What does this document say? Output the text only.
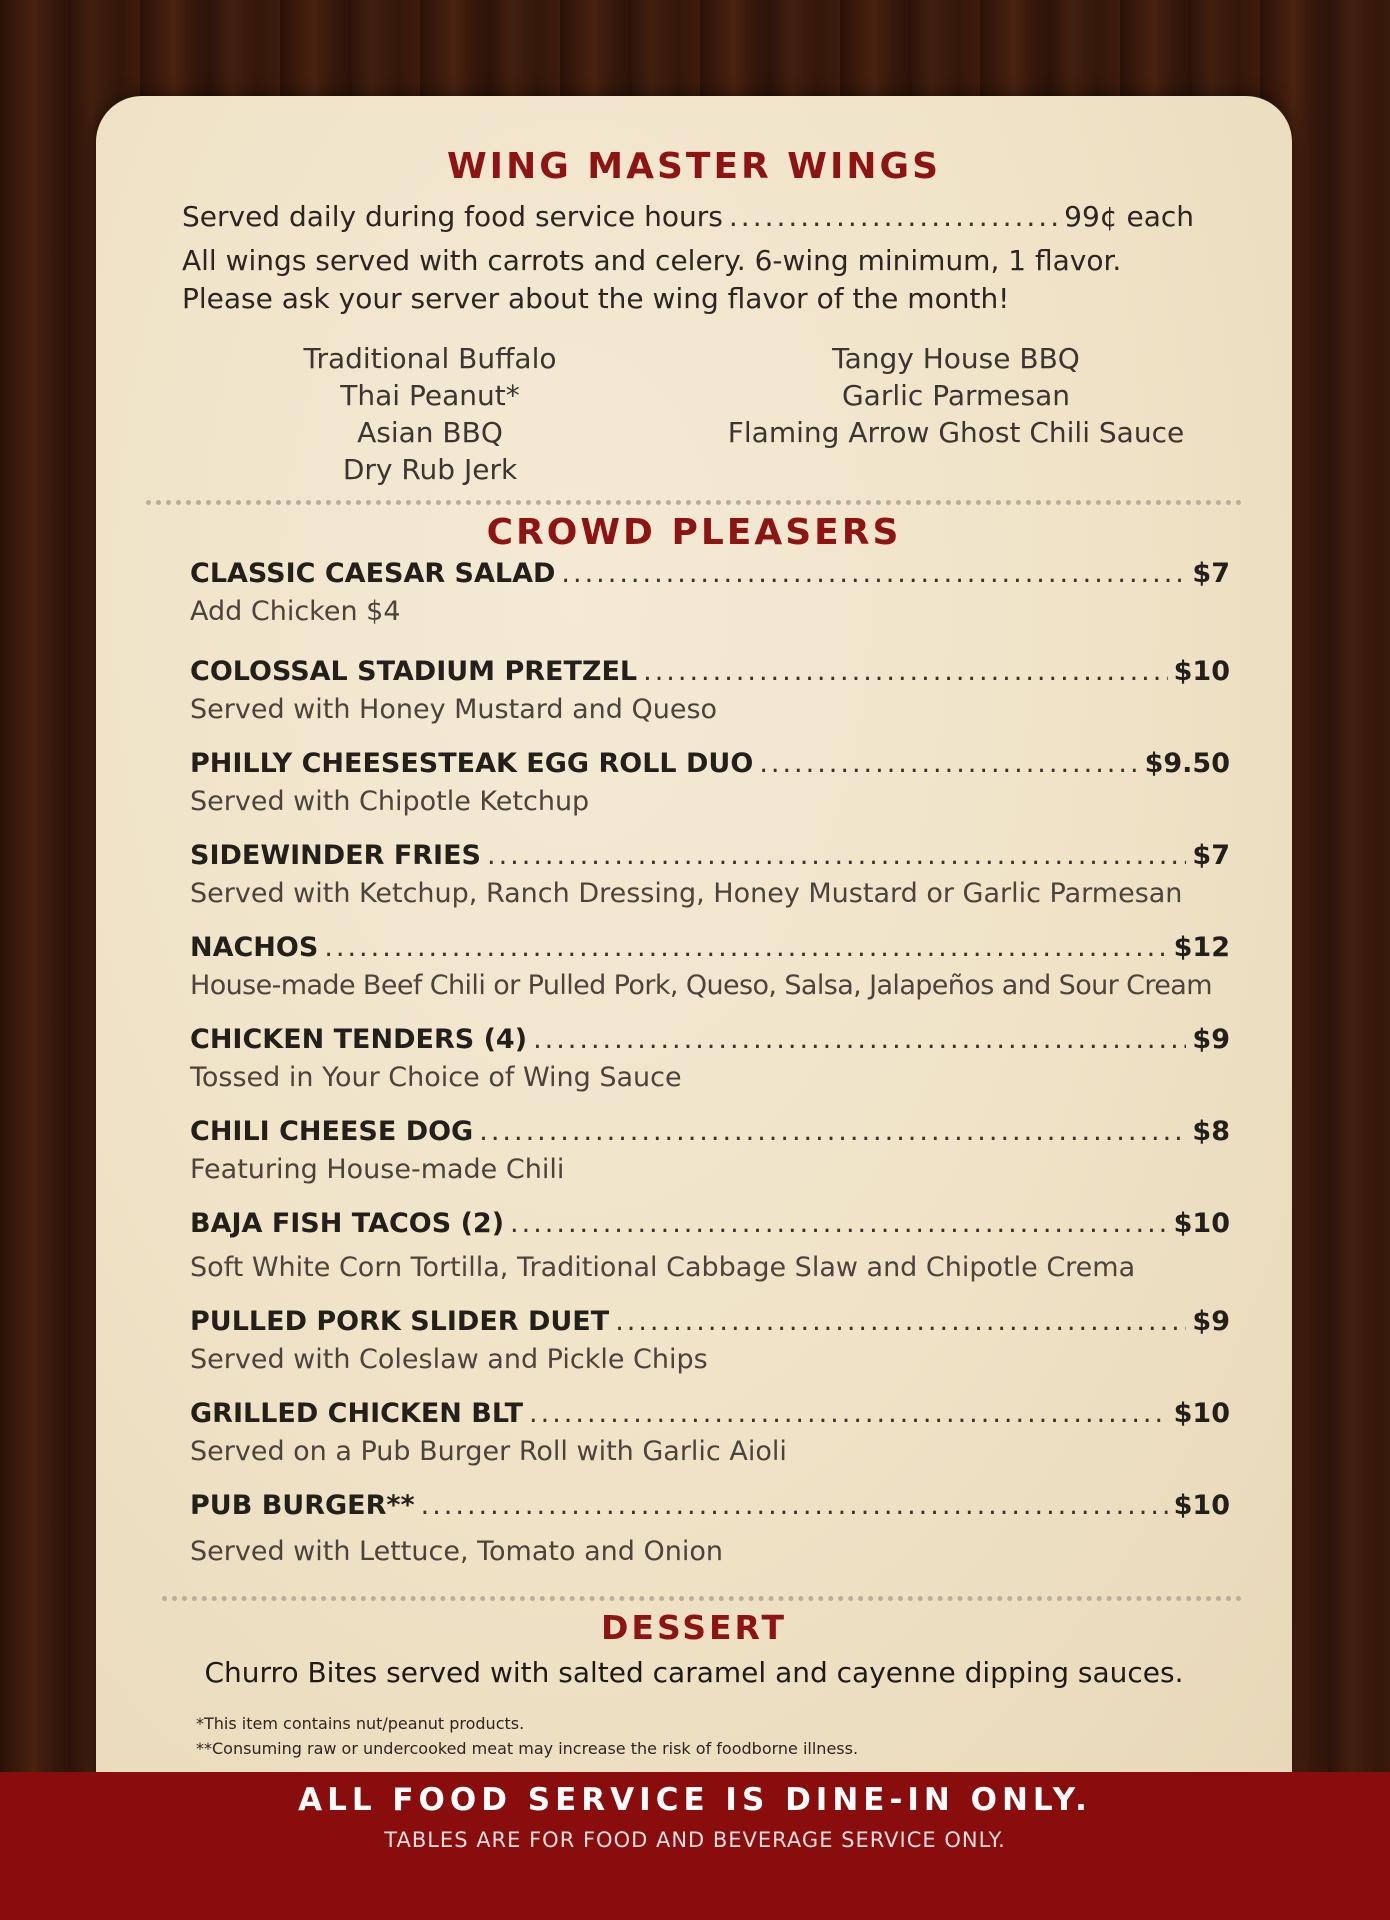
WING MASTER WINGS
Served daily during food service hours .....	99¢ each
All wings served with carrots and celery. 6-wing minimum, 1 flavor.
Please ask your server about the wing flavor of the month!
Traditional Buffalo
Thai Peanut*
Asian BBQ
Dry Rub Jerk
Tangy House BBQ
Garlic Parmesan
Flaming Arrow Ghost Chili Sauce
CROWD PLEASERS
CLASSIC CAESAR SALAD .....	$7
Add Chicken $4
COLOSSAL STADIUM PRETZEL .....	$10
Served with Honey Mustard and Queso
PHILLY CHEESESTEAK EGG ROLL DUO .....	$9.50
Served with Chipotle Ketchup
SIDEWINDER FRIES .....	$7
Served with Ketchup, Ranch Dressing, Honey Mustard or Garlic Parmesan
NACHOS .....	$12
House-made Beef Chili or Pulled Pork, Queso, Salsa, Jalapeños and Sour Cream
CHICKEN TENDERS (4) .....	$9
Tossed in Your Choice of Wing Sauce
CHILI CHEESE DOG .....	$8
Featuring House-made Chili
BAJA FISH TACOS (2) .....	$10
Soft White Corn Tortilla, Traditional Cabbage Slaw and Chipotle Crema
PULLED PORK SLIDER DUET .....	$9
Served with Coleslaw and Pickle Chips
GRILLED CHICKEN BLT .....	$10
Served on a Pub Burger Roll with Garlic Aioli
PUB BURGER** .....	$10
Served with Lettuce, Tomato and Onion
DESSERT
Churro Bites served with salted caramel and cayenne dipping sauces.
*This item contains nut/peanut products.
**Consuming raw or undercooked meat may increase the risk of foodborne illness.
ALL FOOD SERVICE IS DINE-IN ONLY.
TABLES ARE FOR FOOD AND BEVERAGE SERVICE ONLY.
